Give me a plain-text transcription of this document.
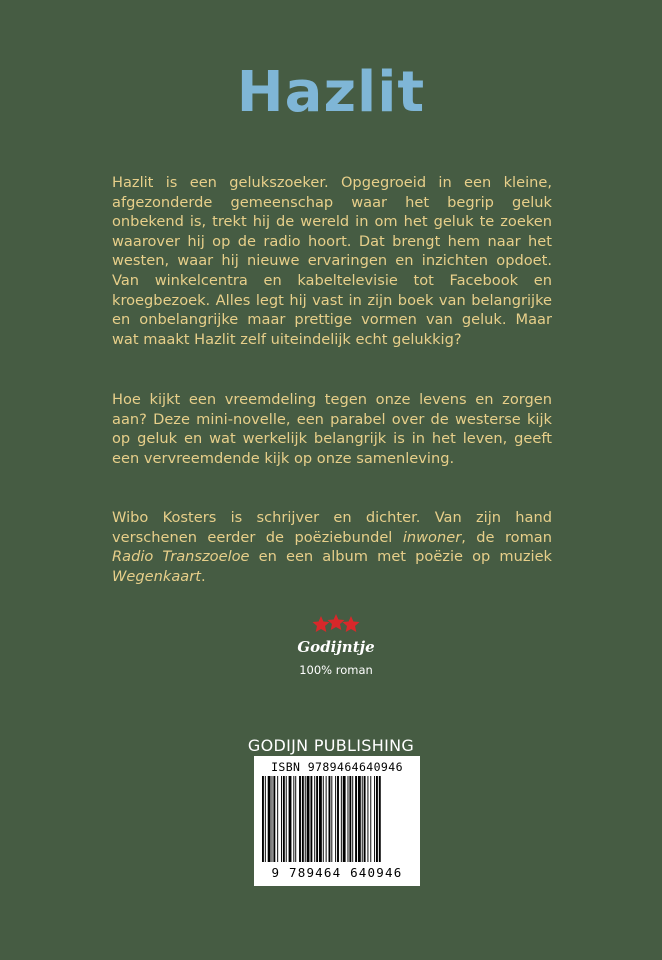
Hazlit

Hazlit is een gelukszoeker. Opgegroeid in een kleine, afgezonderde gemeenschap waar het begrip geluk onbekend is, trekt hij de wereld in om het geluk te zoeken waarover hij op de radio hoort. Dat brengt hem naar het westen, waar hij nieuwe ervaringen en inzichten opdoet. Van winkelcentra en kabeltelevisie tot Facebook en kroegbezoek. Alles legt hij vast in zijn boek van belangrijke en onbelangrijke maar prettige vormen van geluk. Maar wat maakt Hazlit zelf uiteindelijk echt gelukkig?

Hoe kijkt een vreemdeling tegen onze levens en zorgen aan? Deze mini-novelle, een parabel over de westerse kijk op geluk en wat werkelijk belangrijk is in het leven, geeft een vervreemdende kijk op onze samenleving.

Wibo Kosters is schrijver en dichter. Van zijn hand verschenen eerder de poëziebundel inwoner, de roman Radio Transzoeloe en een album met poëzie op muziek Wegenkaart.

Godijntje
100% roman
GODIJN PUBLISHING
ISBN 9789464640946
9 789464 640946
